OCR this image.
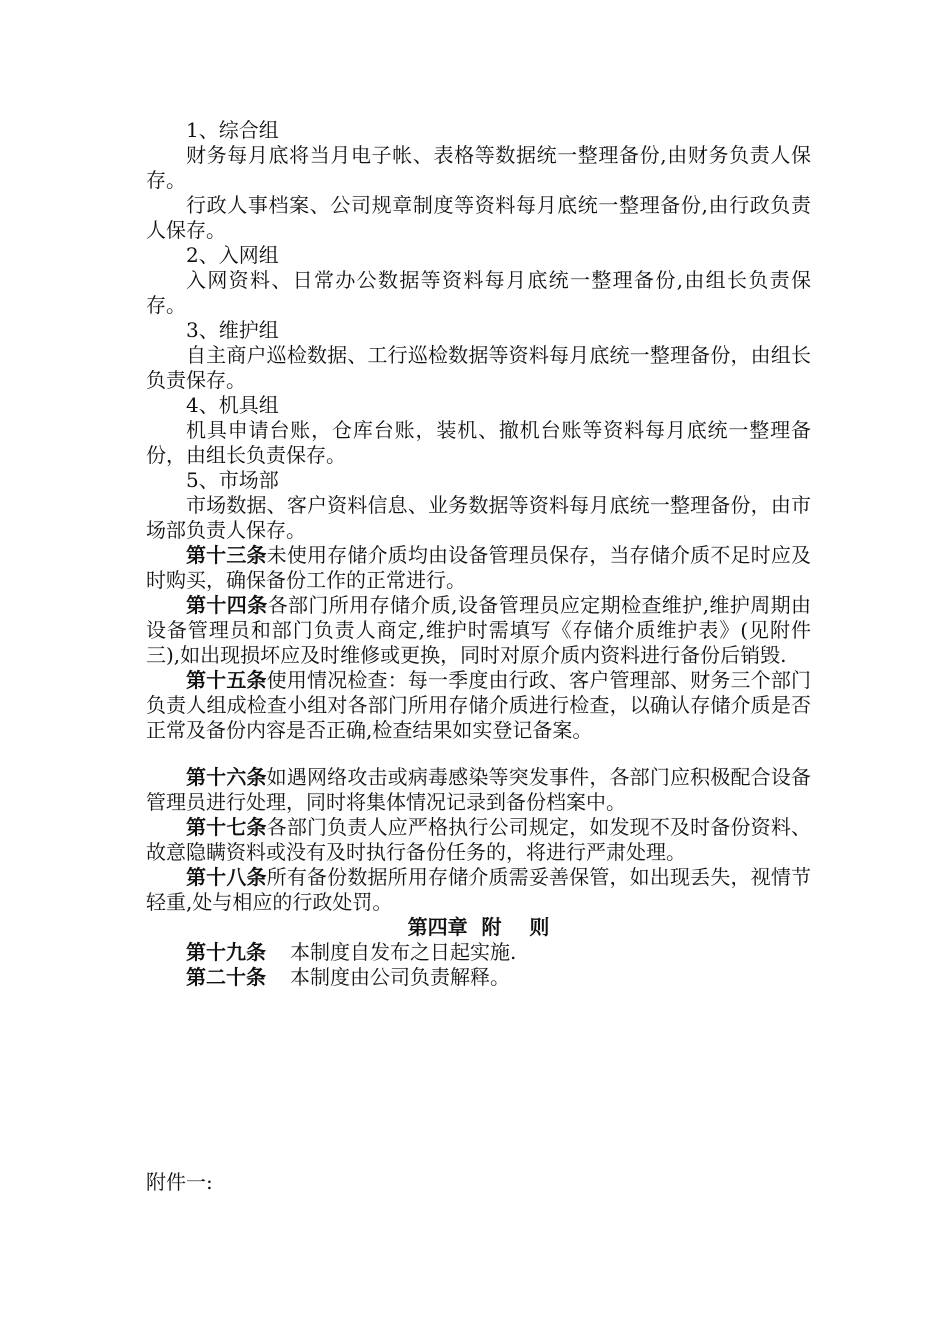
1、综合组

财务每月底将当月电子帐、表格等数据统一整理备份,由财务负责人保存。

行政人事档案、公司规章制度等资料每月底统一整理备份,由行政负责人保存。

2、入网组

入网资料、日常办公数据等资料每月底统一整理备份,由组长负责保存。

3、维护组

自主商户巡检数据、工行巡检数据等资料每月底统一整理备份，由组长负责保存。

4、机具组

机具申请台账，仓库台账，装机、撤机台账等资料每月底统一整理备份，由组长负责保存。

5、市场部

市场数据、客户资料信息、业务数据等资料每月底统一整理备份，由市场部负责人保存。

第十三条未使用存储介质均由设备管理员保存，当存储介质不足时应及时购买，确保备份工作的正常进行。

第十四条各部门所用存储介质,设备管理员应定期检查维护,维护周期由设备管理员和部门负责人商定,维护时需填写《存储介质维护表》(见附件三),如出现损坏应及时维修或更换，同时对原介质内资料进行备份后销毁.

第十五条使用情况检查：每一季度由行政、客户管理部、财务三个部门负责人组成检查小组对各部门所用存储介质进行检查，以确认存储介质是否正常及备份内容是否正确,检查结果如实登记备案。

第十六条如遇网络攻击或病毒感染等突发事件，各部门应积极配合设备管理员进行处理，同时将集体情况记录到备份档案中。

第十七条各部门负责人应严格执行公司规定，如发现不及时备份资料、故意隐瞒资料或没有及时执行备份任务的，将进行严肃处理。

第十八条所有备份数据所用存储介质需妥善保管，如出现丢失，视情节轻重,处与相应的行政处罚。

第四章  附    则

第十九条 本制度自发布之日起实施.

第二十条 本制度由公司负责解释。

附件一:
